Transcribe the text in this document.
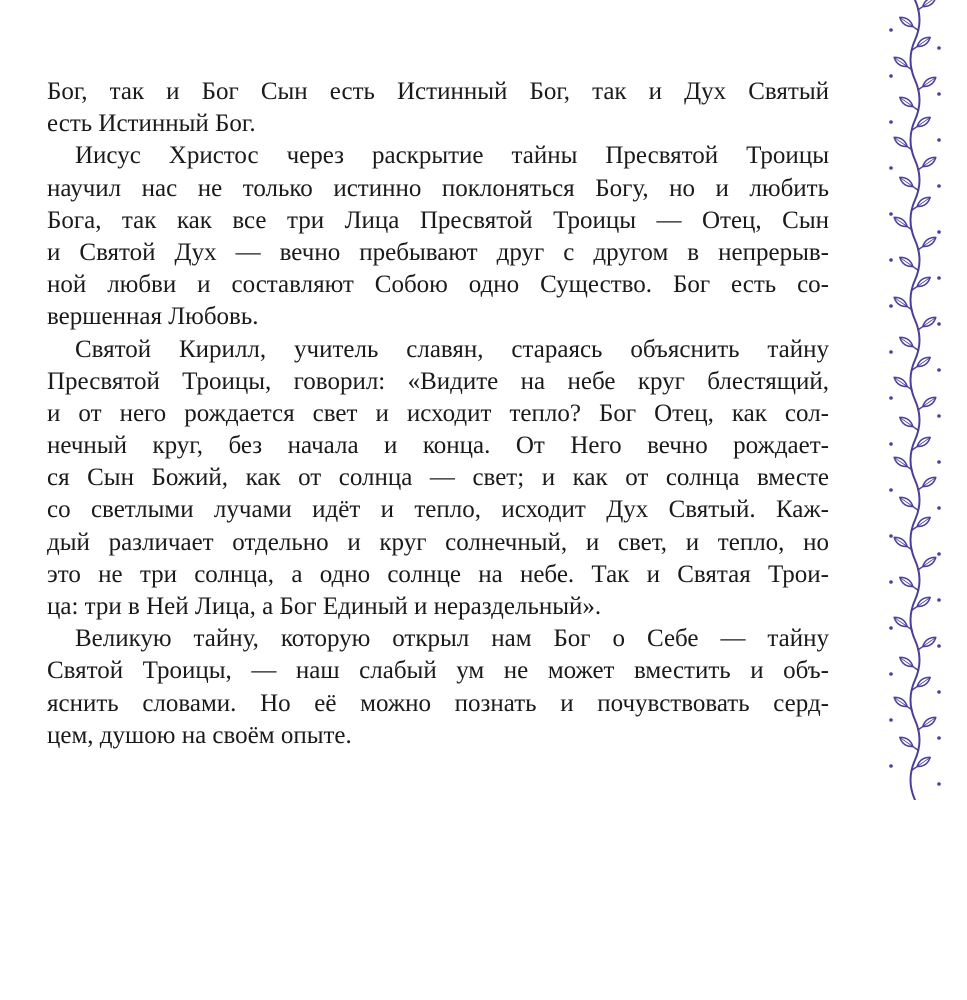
Бог, так и Бог Сын есть Истинный Бог, так и Дух Святый
есть Истинный Бог.
Иисус Христос через раскрытие тайны Пресвятой Троицы
научил нас не только истинно поклоняться Богу, но и любить
Бога, так как все три Лица Пресвятой Троицы — Отец, Сын
и Святой Дух — вечно пребывают друг с другом в непрерыв-
ной любви и составляют Собою одно Существо. Бог есть со-
вершенная Любовь.
Святой Кирилл, учитель славян, стараясь объяснить тайну
Пресвятой Троицы, говорил: «Видите на небе круг блестящий,
и от него рождается свет и исходит тепло? Бог Отец, как сол-
нечный круг, без начала и конца. От Него вечно рождает-
ся Сын Божий, как от солнца — свет; и как от солнца вместе
со светлыми лучами идёт и тепло, исходит Дух Святый. Каж-
дый различает отдельно и круг солнечный, и свет, и тепло, но
это не три солнца, а одно солнце на небе. Так и Святая Трои-
ца: три в Ней Лица, а Бог Единый и нераздельный».
Великую тайну, которую открыл нам Бог о Себе — тайну
Святой Троицы, — наш слабый ум не может вместить и объ-
яснить словами. Но её можно познать и почувствовать серд-
цем, душою на своём опыте.
